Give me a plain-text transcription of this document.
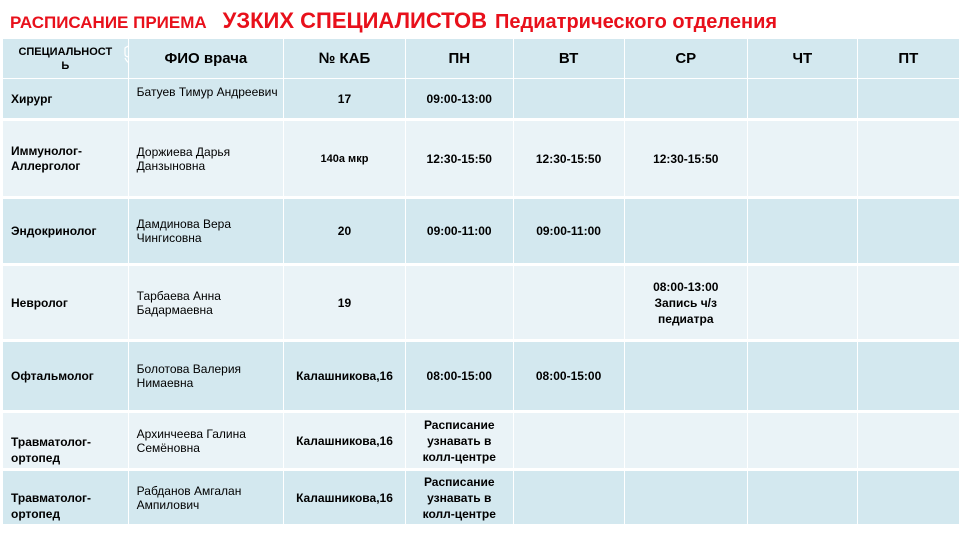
РАСПИСАНИЕ ПРИЕМА УЗКИХ СПЕЦИАЛИСТОВ Педиатрического отделения
СПЕЦИАЛЬНОСТЬ	ФИО врача	№ КАБ	ПН	ВТ	СР	ЧТ	ПТ
Хирург	Батуев Тимур Андреевич	17	09:00-13:00				
Иммунолог-Аллерголог	Доржиева Дарья Данзыновна	140а мкр	12:30-15:50	12:30-15:50	12:30-15:50		
Эндокринолог	Дамдинова Вера Чингисовна	20	09:00-11:00	09:00-11:00			
Невролог	Тарбаева Анна Бадармаевна	19			08:00-13:00 Запись ч/з педиатра		
Офтальмолог	Болотова Валерия Нимаевна	Калашникова,16	08:00-15:00	08:00-15:00			
Травматолог-ортопед	Архинчеева Галина Семёновна	Калашникова,16	Расписание узнавать в колл-центре				
Травматолог-ортопед	Рабданов Амгалан Ампилович	Калашникова,16	Расписание узнавать в колл-центре				
